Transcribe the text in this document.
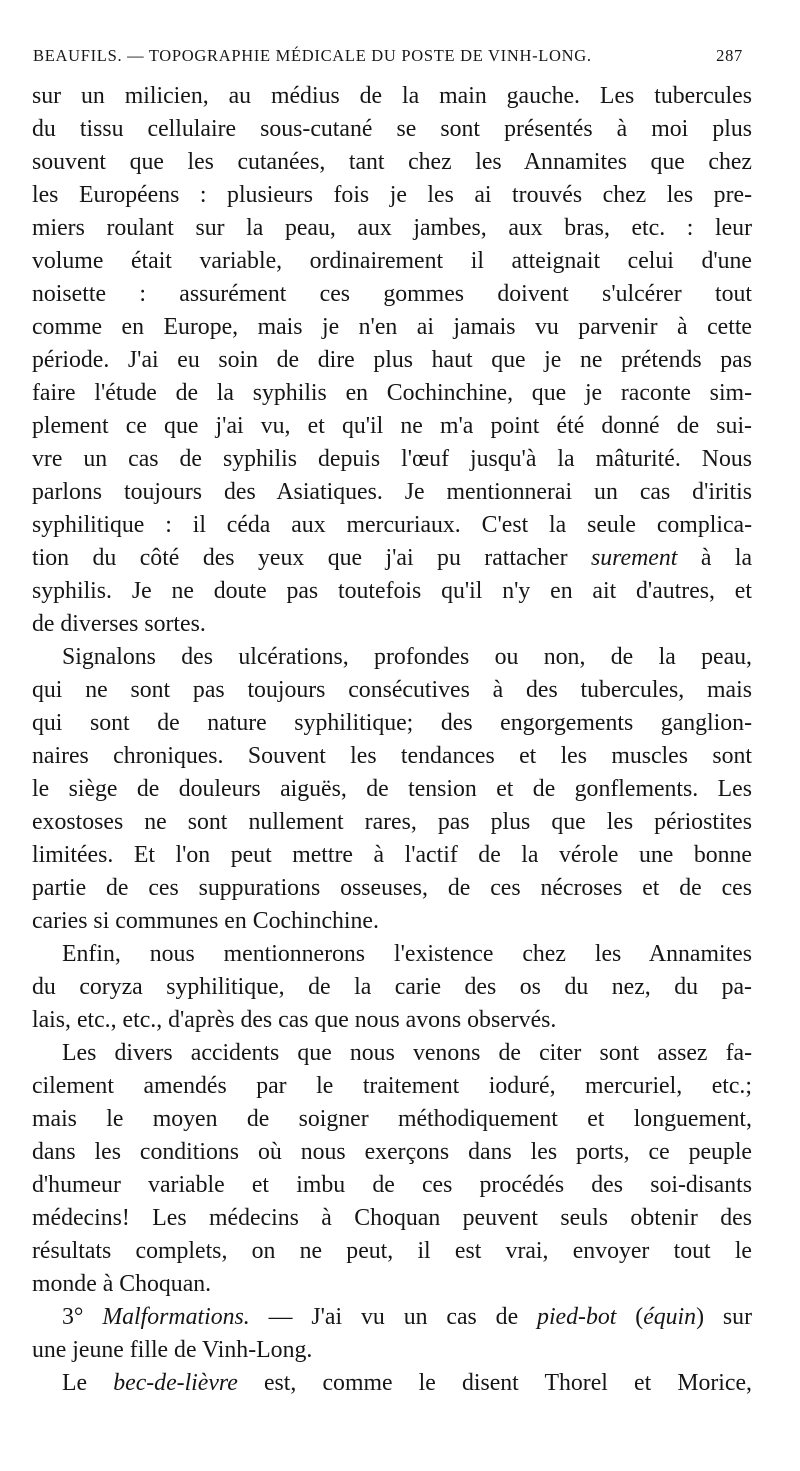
BEAUFILS. — TOPOGRAPHIE MÉDICALE DU POSTE DE VINH-LONG.	287
sur un milicien, au médius de la main gauche. Les tubercules
du tissu cellulaire sous-cutané se sont présentés à moi plus
souvent que les cutanées, tant chez les Annamites que chez
les Européens : plusieurs fois je les ai trouvés chez les pre-
miers roulant sur la peau, aux jambes, aux bras, etc. : leur
volume était variable, ordinairement il atteignait celui d'une
noisette : assurément ces gommes doivent s'ulcérer tout
comme en Europe, mais je n'en ai jamais vu parvenir à cette
période. J'ai eu soin de dire plus haut que je ne prétends pas
faire l'étude de la syphilis en Cochinchine, que je raconte sim-
plement ce que j'ai vu, et qu'il ne m'a point été donné de sui-
vre un cas de syphilis depuis l'œuf jusqu'à la mâturité. Nous
parlons toujours des Asiatiques. Je mentionnerai un cas d'iritis
syphilitique : il céda aux mercuriaux. C'est la seule complica-
tion du côté des yeux que j'ai pu rattacher surement à la
syphilis. Je ne doute pas toutefois qu'il n'y en ait d'autres, et
de diverses sortes.
Signalons des ulcérations, profondes ou non, de la peau,
qui ne sont pas toujours consécutives à des tubercules, mais
qui sont de nature syphilitique; des engorgements ganglion-
naires chroniques. Souvent les tendances et les muscles sont
le siège de douleurs aiguës, de tension et de gonflements. Les
exostoses ne sont nullement rares, pas plus que les périostites
limitées. Et l'on peut mettre à l'actif de la vérole une bonne
partie de ces suppurations osseuses, de ces nécroses et de ces
caries si communes en Cochinchine.
Enfin, nous mentionnerons l'existence chez les Annamites
du coryza syphilitique, de la carie des os du nez, du pa-
lais, etc., etc., d'après des cas que nous avons observés.
Les divers accidents que nous venons de citer sont assez fa-
cilement amendés par le traitement ioduré, mercuriel, etc.;
mais le moyen de soigner méthodiquement et longuement,
dans les conditions où nous exerçons dans les ports, ce peuple
d'humeur variable et imbu de ces procédés des soi-disants
médecins! Les médecins à Choquan peuvent seuls obtenir des
résultats complets, on ne peut, il est vrai, envoyer tout le
monde à Choquan.
3° Malformations. — J'ai vu un cas de pied-bot (équin) sur
une jeune fille de Vinh-Long.
Le bec-de-lièvre est, comme le disent Thorel et Morice,
